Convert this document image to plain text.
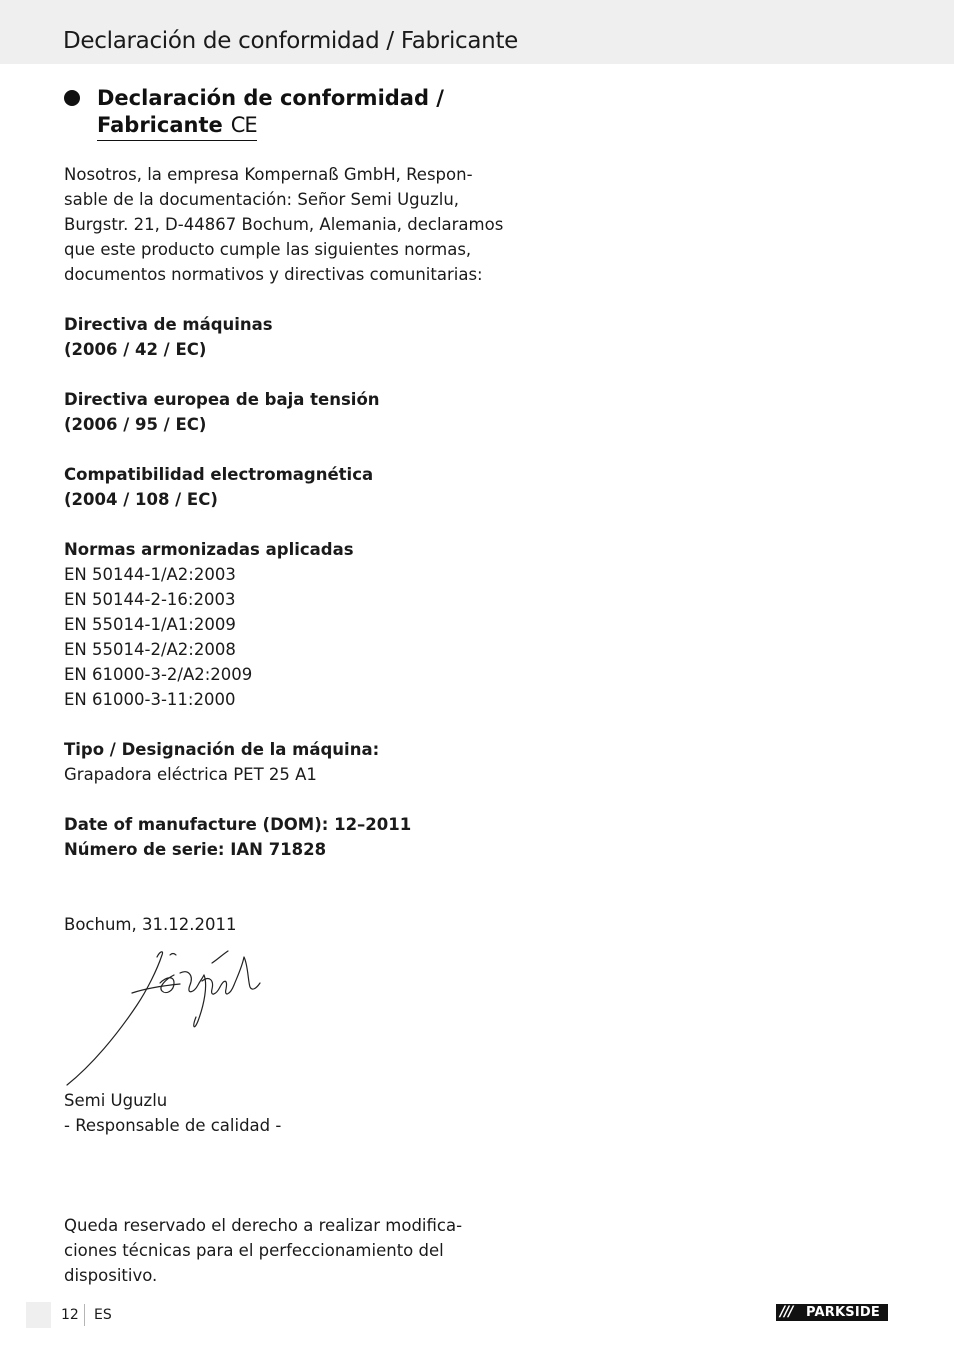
Declaración de conformidad / Fabricante
Declaración de conformidad /
Fabricante CE
Nosotros, la empresa Kompernaß GmbH, Respon-
sable de la documentación: Señor Semi Uguzlu,
Burgstr. 21, D-44867 Bochum, Alemania, declaramos
que este producto cumple las siguientes normas,
documentos normativos y directivas comunitarias:
Directiva de máquinas
(2006 / 42 / EC)
Directiva europea de baja tensión
(2006 / 95 / EC)
Compatibilidad electromagnética
(2004 / 108 / EC)
Normas armonizadas aplicadas
EN 50144-1/A2:2003
EN 50144-2-16:2003
EN 55014-1/A1:2009
EN 55014-2/A2:2008
EN 61000-3-2/A2:2009
EN 61000-3-11:2000
Tipo / Designación de la máquina:
Grapadora eléctrica PET 25 A1
Date of manufacture (DOM): 12–2011
Número de serie: IAN 71828
Bochum, 31.12.2011
Semi Uguzlu
- Responsable de calidad -
Queda reservado el derecho a realizar modifica-
ciones técnicas para el perfeccionamiento del
dispositivo.
12 ES	/// PARKSIDE
